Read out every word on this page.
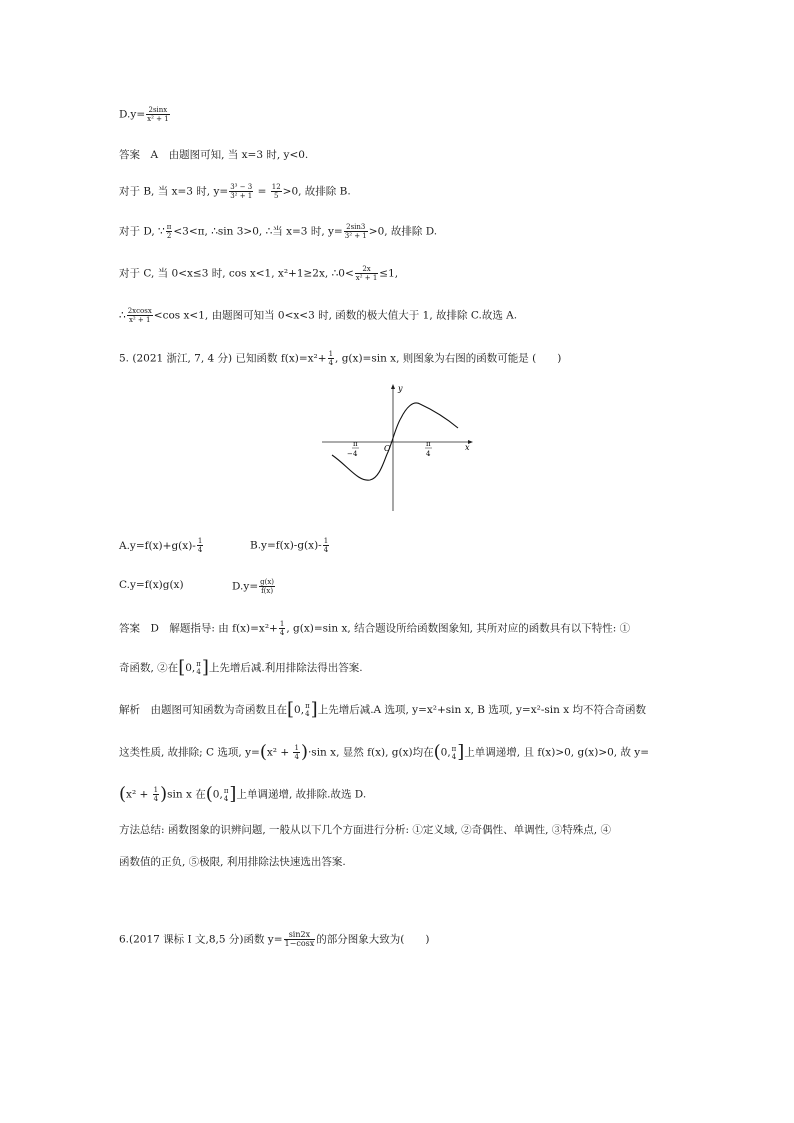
$D.y= \frac{2\sin x}{\text{x² + 1}}$
答案　A　由题图可知, 当 x=3 时, y<0.
对于 B, 当 x=3 时, $y= \frac{\text{3³ − 3}}{\text{3² + 1}} = \frac{12}{5} >0$, 故排除 B.
对于 D, ∵ $\frac{\pi}{2} <3<\pi$, ∴sin 3>0, ∴当 x=3 时, $y= \frac{2\sin 3}{\text{3² + 1}} >0$, 故排除 D.
对于 C, 当 0<x≤3 时, cos x<1, x²+1≥2x, ∴0< $\frac{2x}{\text{x² + 1}} \le 1$,
∴ $\frac{2xcosx}{\text{x² + 1}} <\cos$ x<1, 由题图可知当 0<x<3 时, 函数的极大值大于 1, 故排除 C.故选 A.
5. (2021 浙江, 7, 4 分) 已知函数 $f(x)=x^2+ \frac{1}{4}$ , g(x)=sin x, 则图象为右图的函数可能是 (　　)
y
x
O
−
π
4
π
4
$A.y=f(x)+g(x)- \frac{1}{4}$	$B.y=f(x)-g(x)- \frac{1}{4}$
C.y=f(x)g(x)	$D.y= \frac{g(x)}{f(x)}$
答案　D　解题指导: 由 $f(x)=x^2+ \frac{1}{4}$ , g(x)=sin x, 结合题设所给函数图象知, 其所对应的函数具有以下特性: ①
奇函数, ②在[0, π
4 ]上先增后减.利用排除法得出答案.
解析　由题图可知函数为奇函数且在[0, π
4 ]上先增后减.A 选项, y=x²+sin x, B 选项, y=x²-sin x 均不符合奇函数
这类性质, 故排除; C 选项, $y=(x^2 + \frac{1}{4} )\cdot\sin$ x, 显然 f(x), g(x)均在(0, π
4 ]上单调递增, 且 f(x)>0, g(x)>0, 故 y=
$(x^2 + \frac{1}{4} )\sin$ x 在(0, π
4 ]上单调递增, 故排除.故选 D.
方法总结: 函数图象的识辨问题, 一般从以下几个方面进行分析: ①定义域, ②奇偶性、单调性, ③特殊点, ④
函数值的正负, ⑤极限, 利用排除法快速选出答案.
6.(2017 课标 I 文,8,5 分)函数 $y= \frac{\sin 2x}{1-\cos x}$ 的部分图象大致为(　　)
